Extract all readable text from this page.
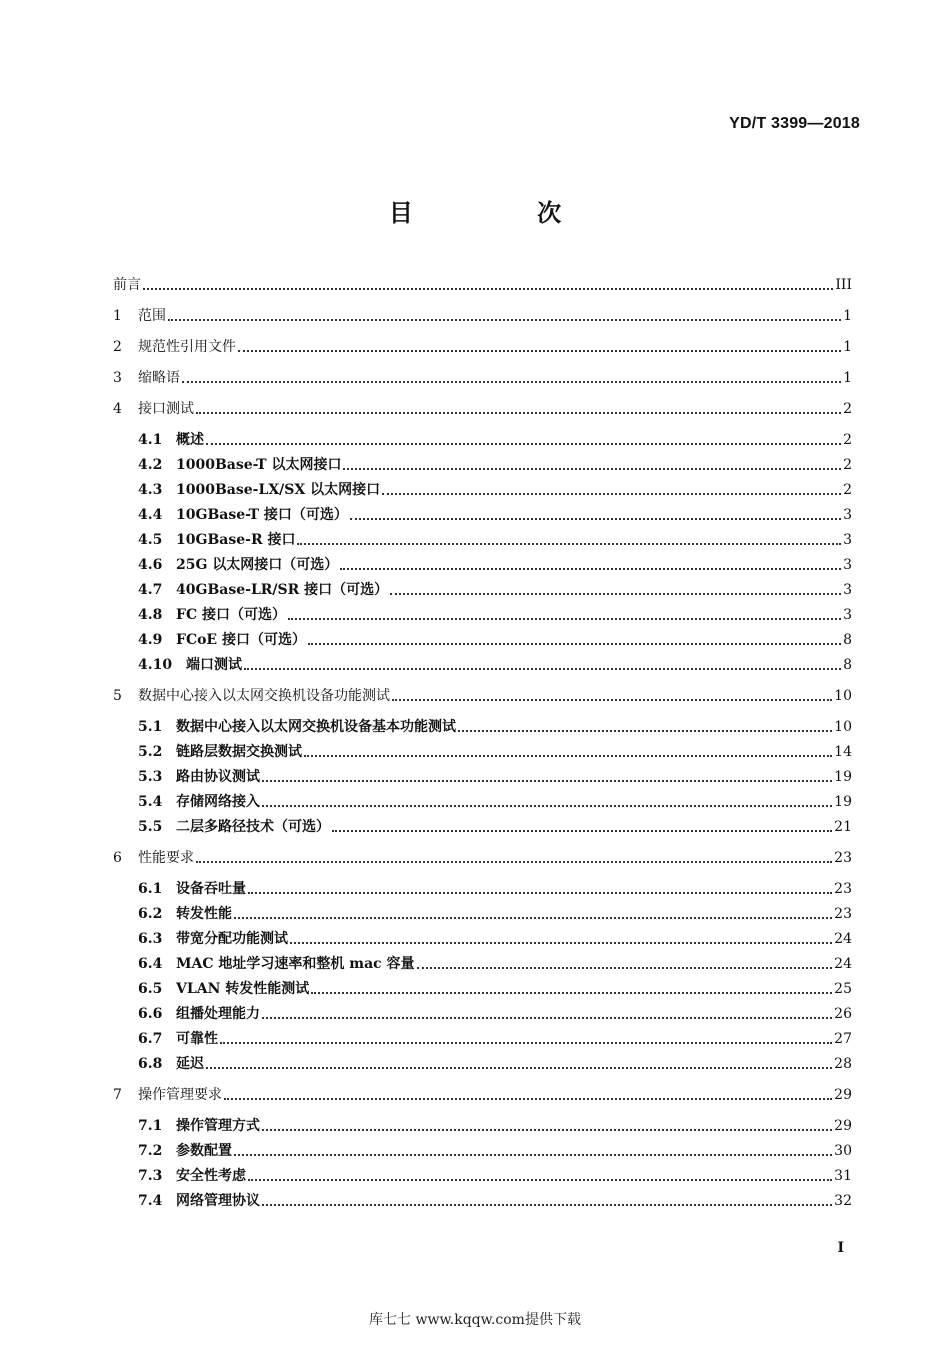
YD/T 3399—2018
目 次
前言	III
1	范围	1
2	规范性引用文件	1
3	缩略语	1
4	接口测试	2
4.1 概述	2
4.2 1000Base-T 以太网接口	2
4.3 1000Base-LX/SX 以太网接口	2
4.4 10GBase-T 接口（可选）	3
4.5 10GBase-R 接口	3
4.6 25G 以太网接口（可选）	3
4.7 40GBase-LR/SR 接口（可选）	3
4.8 FC 接口（可选）	3
4.9 FCoE 接口（可选）	8
4.10 端口测试	8
5	数据中心接入以太网交换机设备功能测试	10
5.1 数据中心接入以太网交换机设备基本功能测试	10
5.2 链路层数据交换测试	14
5.3 路由协议测试	19
5.4 存储网络接入	19
5.5 二层多路径技术（可选）	21
6	性能要求	23
6.1 设备吞吐量	23
6.2 转发性能	23
6.3 带宽分配功能测试	24
6.4 MAC 地址学习速率和整机 mac 容量	24
6.5 VLAN 转发性能测试	25
6.6 组播处理能力	26
6.7 可靠性	27
6.8 延迟	28
7	操作管理要求	29
7.1 操作管理方式	29
7.2 参数配置	30
7.3 安全性考虑	31
7.4 网络管理协议	32
I
库七七 www.kqqw.com提供下载
